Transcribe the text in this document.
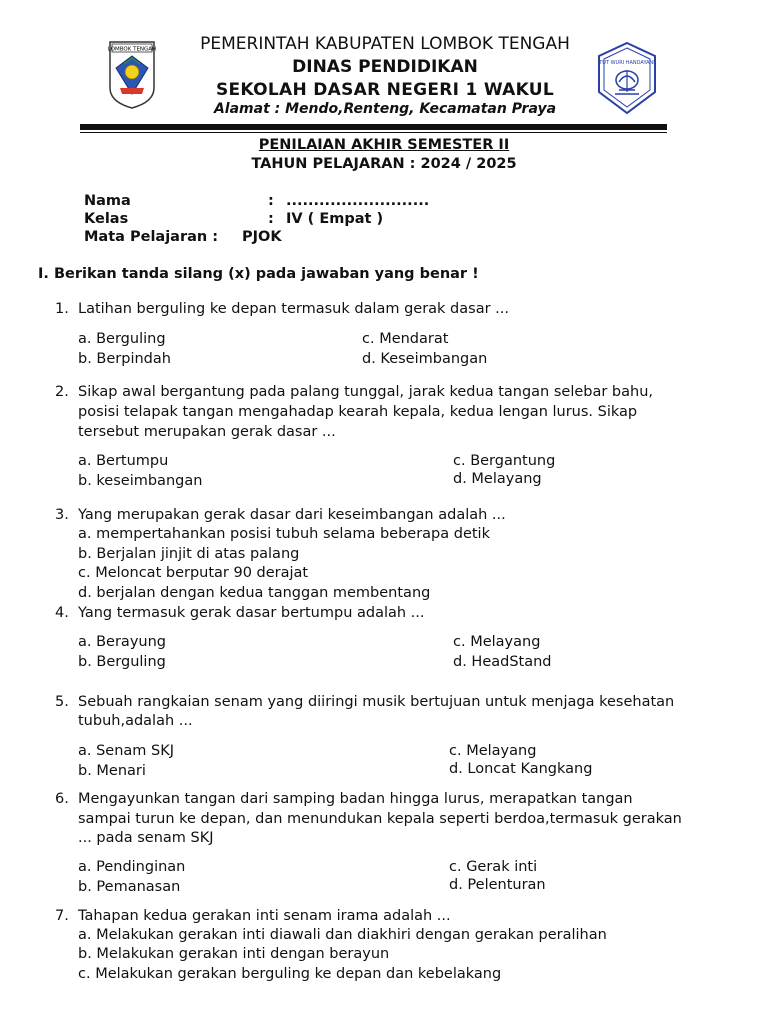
LOMBOK TENGAH
TUT WURI HANDAYANI
PEMERINTAH KABUPATEN LOMBOK TENGAH
DINAS PENDIDIKAN
SEKOLAH DASAR NEGERI 1 WAKUL
Alamat : Mendo,Renteng, Kecamatan Praya
PENILAIAN AKHIR SEMESTER II
TAHUN PELAJARAN : 2024 / 2025
Nama	: ..........................
Kelas	: IV ( Empat )
Mata Pelajaran : PJOK
I. Berikan tanda silang (x) pada jawaban yang benar !
1. Latihan berguling ke depan termasuk dalam gerak dasar ...
a. Berguling
b. Berpindah
c. Mendarat
d. Keseimbangan
2. Sikap awal bergantung pada palang tunggal, jarak kedua tangan selebar bahu,
posisi telapak tangan mengahadap kearah kepala, kedua lengan lurus. Sikap
tersebut merupakan gerak dasar ...
a. Bertumpu
b. keseimbangan
c. Bergantung
d. Melayang
3. Yang merupakan gerak dasar dari keseimbangan adalah ...
a. mempertahankan posisi tubuh selama beberapa detik
b. Berjalan jinjit di atas palang
c. Meloncat berputar 90 derajat
d. berjalan dengan kedua tanggan membentang
4. Yang termasuk gerak dasar bertumpu adalah ...
a. Berayung
b. Berguling
c. Melayang
d. HeadStand
5. Sebuah rangkaian senam yang diiringi musik bertujuan untuk menjaga kesehatan
tubuh,adalah ...
a. Senam SKJ
b. Menari
c. Melayang
d. Loncat Kangkang
6. Mengayunkan tangan dari samping badan hingga lurus, merapatkan tangan
sampai turun ke depan, dan menundukan kepala seperti berdoa,termasuk gerakan
... pada senam SKJ
a. Pendinginan
b. Pemanasan
c. Gerak inti
d. Pelenturan
7. Tahapan kedua gerakan inti senam irama adalah ...
a. Melakukan gerakan inti diawali dan diakhiri dengan gerakan peralihan
b. Melakukan gerakan inti dengan berayun
c. Melakukan gerakan berguling ke depan dan kebelakang
